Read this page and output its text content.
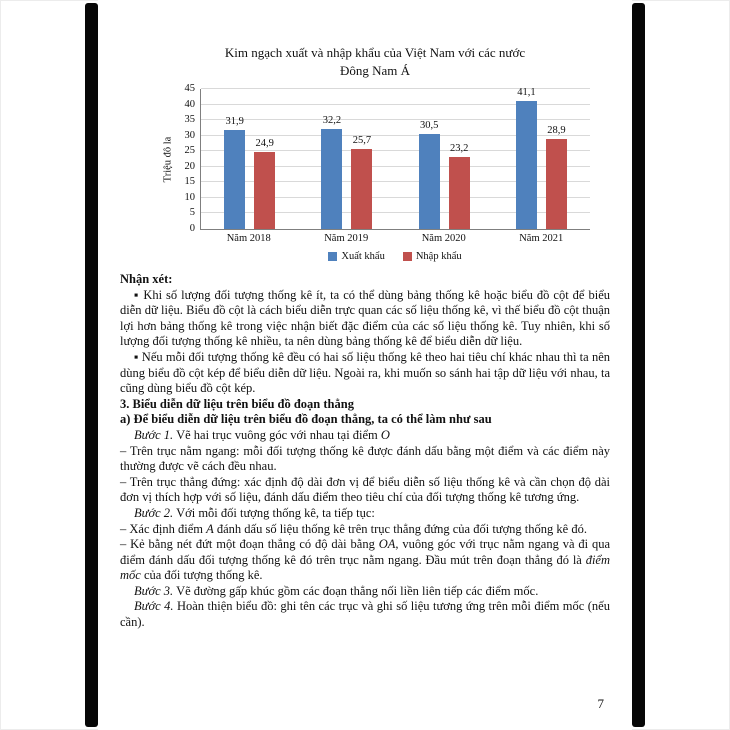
Kim ngạch xuất và nhập khẩu của Việt Nam với các nước
Đông Nam Á
Triệu đô la
0
5
10
15
20
25
30
35
40
45
31,9
24,9
32,2
25,7
30,5
23,2
41,1
28,9
Năm 2018	Năm 2019	Năm 2020	Năm 2021
Xuất khẩu	Nhập khẩu

Nhận xét:

▪ Khi số lượng đối tượng thống kê ít, ta có thể dùng bảng thống kê hoặc biểu đồ cột để biểu diễn dữ liệu. Biểu đồ cột là cách biểu diễn trực quan các số liệu thống kê, vì thế biểu đồ cột thuận lợi hơn bảng thống kê trong việc nhận biết đặc điểm của các số liệu thống kê. Tuy nhiên, khi số lượng đối tượng thống kê nhiều, ta nên dùng bảng thống kê để biểu diễn dữ liệu.

▪ Nếu mỗi đối tượng thống kê đều có hai số liệu thống kê theo hai tiêu chí khác nhau thì ta nên dùng biểu đồ cột kép để biểu diễn dữ liệu. Ngoài ra, khi muốn so sánh hai tập dữ liệu với nhau, ta cũng dùng biểu đồ cột kép.

3. Biểu diễn dữ liệu trên biểu đồ đoạn thẳng

a) Để biểu diễn dữ liệu trên biểu đồ đoạn thẳng, ta có thể làm như sau

Bước 1. Vẽ hai trục vuông góc với nhau tại điểm O

– Trên trục nằm ngang: mỗi đối tượng thống kê được đánh dấu bằng một điểm và các điểm này thường được vẽ cách đều nhau.

– Trên trục thẳng đứng: xác định độ dài đơn vị để biểu diễn số liệu thống kê và cần chọn độ dài đơn vị thích hợp với số liệu, đánh dấu điểm theo tiêu chí của đối tượng thống kê tương ứng.

Bước 2. Với mỗi đối tượng thống kê, ta tiếp tục:

– Xác định điểm A đánh dấu số liệu thống kê trên trục thẳng đứng của đối tượng thống kê đó.

– Kẻ bằng nét đứt một đoạn thẳng có độ dài bằng OA, vuông góc với trục nằm ngang và đi qua điểm đánh dấu đối tượng thống kê đó trên trục nằm ngang. Đầu mút trên đoạn thẳng đó là điểm mốc của đối tượng thống kê.

Bước 3. Vẽ đường gấp khúc gồm các đoạn thẳng nối liền liên tiếp các điểm mốc.

Bước 4. Hoàn thiện biểu đồ: ghi tên các trục và ghi số liệu tương ứng trên mỗi điểm mốc (nếu cần).

7
